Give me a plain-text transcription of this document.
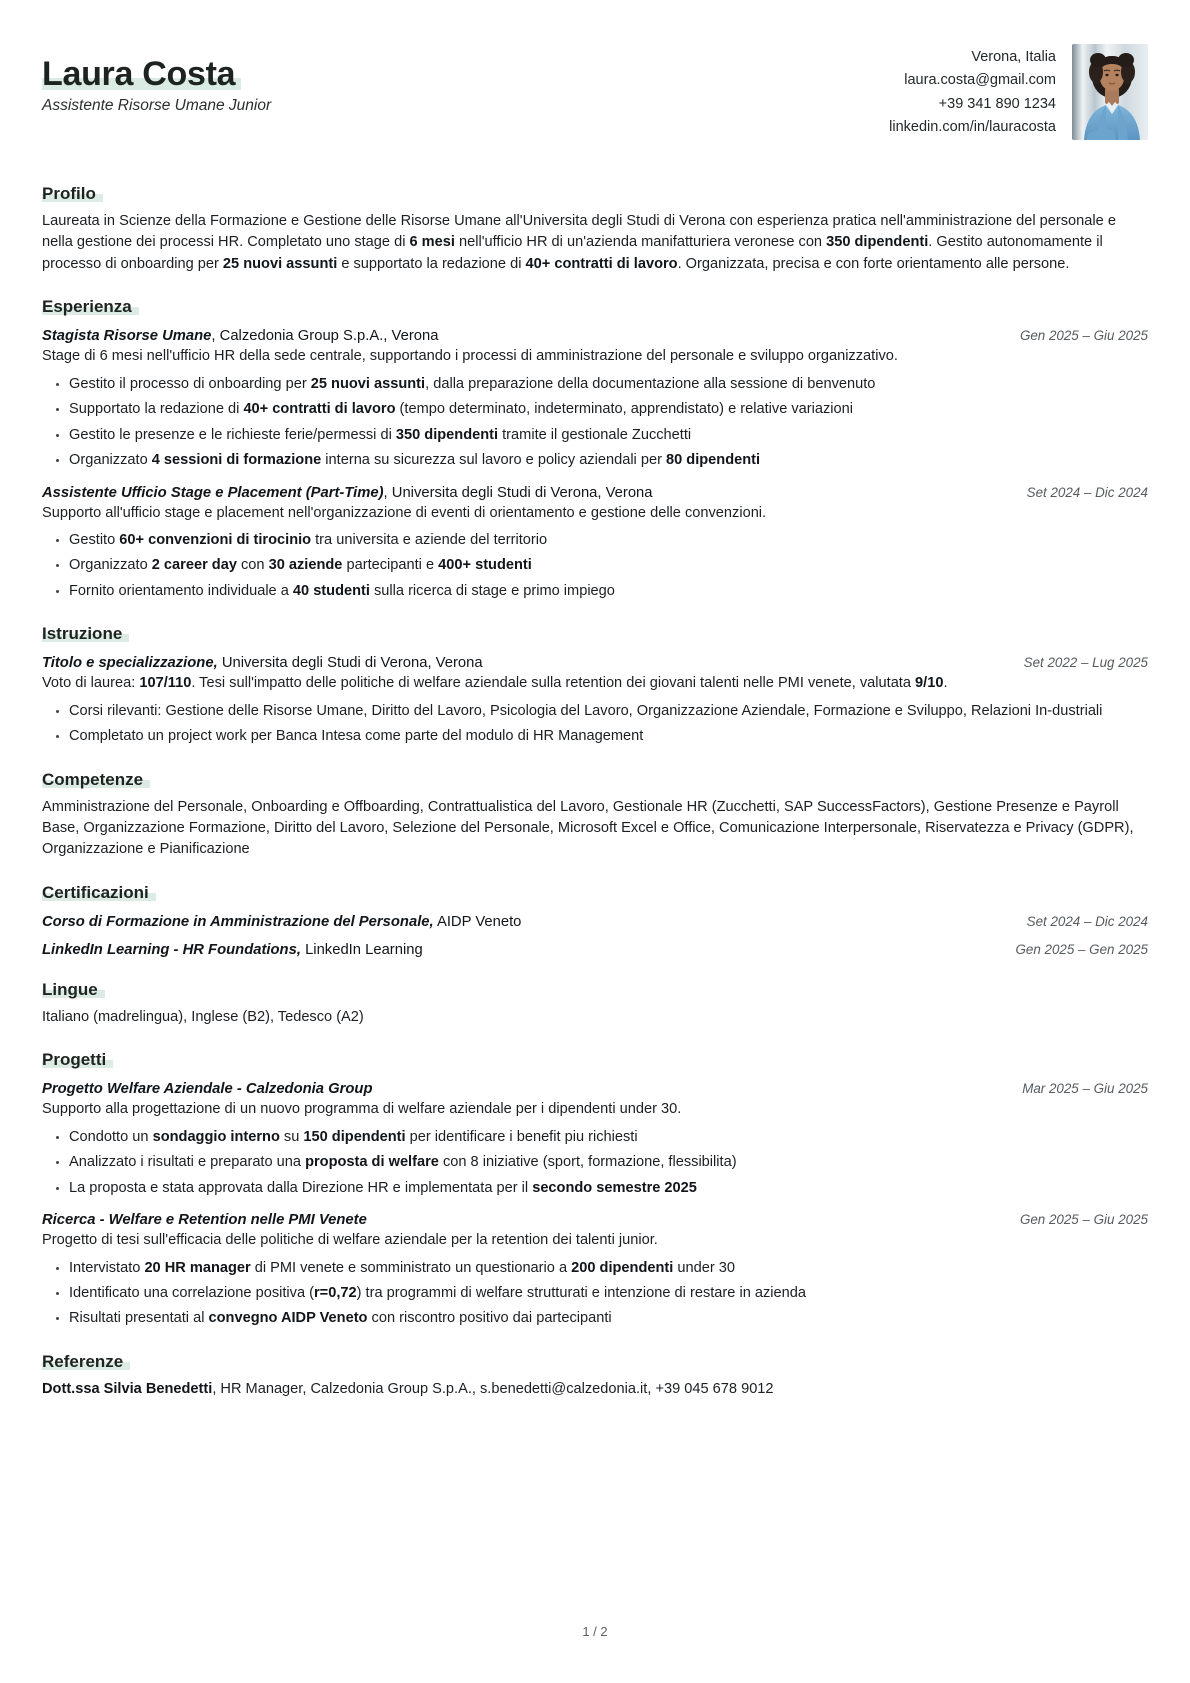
Laura Costa
Assistente Risorse Umane Junior
Verona, Italia
laura.costa@gmail.com
+39 341 890 1234
linkedin.com/in/lauracosta
Profilo

Laureata in Scienze della Formazione e Gestione delle Risorse Umane all'Universita degli Studi di Verona con esperienza pratica nell'amministrazione del personale e nella gestione dei processi HR. Completato uno stage di 6 mesi nell'ufficio HR di un'azienda manifatturiera veronese con 350 dipendenti. Gestito autonomamente il processo di onboarding per 25 nuovi assunti e supportato la redazione di 40+ contratti di lavoro. Organizzata, precisa e con forte orientamento alle persone.

Esperienza
Stagista Risorse Umane, Calzedonia Group S.p.A., Verona	Gen 2025 – Giu 2025
Stage di 6 mesi nell'ufficio HR della sede centrale, supportando i processi di amministrazione del personale e sviluppo organizzativo.
Gestito il processo di onboarding per 25 nuovi assunti, dalla preparazione della documentazione alla sessione di benvenuto
Supportato la redazione di 40+ contratti di lavoro (tempo determinato, indeterminato, apprendistato) e relative variazioni
Gestito le presenze e le richieste ferie/permessi di 350 dipendenti tramite il gestionale Zucchetti
Organizzato 4 sessioni di formazione interna su sicurezza sul lavoro e policy aziendali per 80 dipendenti
Assistente Ufficio Stage e Placement (Part-Time), Universita degli Studi di Verona, Verona	Set 2024 – Dic 2024
Supporto all'ufficio stage e placement nell'organizzazione di eventi di orientamento e gestione delle convenzioni.
Gestito 60+ convenzioni di tirocinio tra universita e aziende del territorio
Organizzato 2 career day con 30 aziende partecipanti e 400+ studenti
Fornito orientamento individuale a 40 studenti sulla ricerca di stage e primo impiego
Istruzione
Titolo e specializzazione, Universita degli Studi di Verona, Verona	Set 2022 – Lug 2025
Voto di laurea: 107/110. Tesi sull'impatto delle politiche di welfare aziendale sulla retention dei giovani talenti nelle PMI venete, valutata 9/10.
Corsi rilevanti: Gestione delle Risorse Umane, Diritto del Lavoro, Psicologia del Lavoro, Organizzazione Aziendale, Formazione e Sviluppo, Relazioni In-dustriali
Completato un project work per Banca Intesa come parte del modulo di HR Management
Competenze

Amministrazione del Personale, Onboarding e Offboarding, Contrattualistica del Lavoro, Gestionale HR (Zucchetti, SAP SuccessFactors), Gestione Presenze e Payroll Base, Organizzazione Formazione, Diritto del Lavoro, Selezione del Personale, Microsoft Excel e Office, Comunicazione Interpersonale, Riservatezza e Privacy (GDPR), Organizzazione e Pianificazione

Certificazioni
Corso di Formazione in Amministrazione del Personale, AIDP Veneto	Set 2024 – Dic 2024
LinkedIn Learning - HR Foundations, LinkedIn Learning	Gen 2025 – Gen 2025
Lingue

Italiano (madrelingua), Inglese (B2), Tedesco (A2)

Progetti
Progetto Welfare Aziendale - Calzedonia Group	Mar 2025 – Giu 2025
Supporto alla progettazione di un nuovo programma di welfare aziendale per i dipendenti under 30.
Condotto un sondaggio interno su 150 dipendenti per identificare i benefit piu richiesti
Analizzato i risultati e preparato una proposta di welfare con 8 iniziative (sport, formazione, flessibilita)
La proposta e stata approvata dalla Direzione HR e implementata per il secondo semestre 2025
Ricerca - Welfare e Retention nelle PMI Venete	Gen 2025 – Giu 2025
Progetto di tesi sull'efficacia delle politiche di welfare aziendale per la retention dei talenti junior.
Intervistato 20 HR manager di PMI venete e somministrato un questionario a 200 dipendenti under 30
Identificato una correlazione positiva (r=0,72) tra programmi di welfare strutturati e intenzione di restare in azienda
Risultati presentati al convegno AIDP Veneto con riscontro positivo dai partecipanti
Referenze

Dott.ssa Silvia Benedetti, HR Manager, Calzedonia Group S.p.A., s.benedetti@calzedonia.it, +39 045 678 9012

1 / 2
